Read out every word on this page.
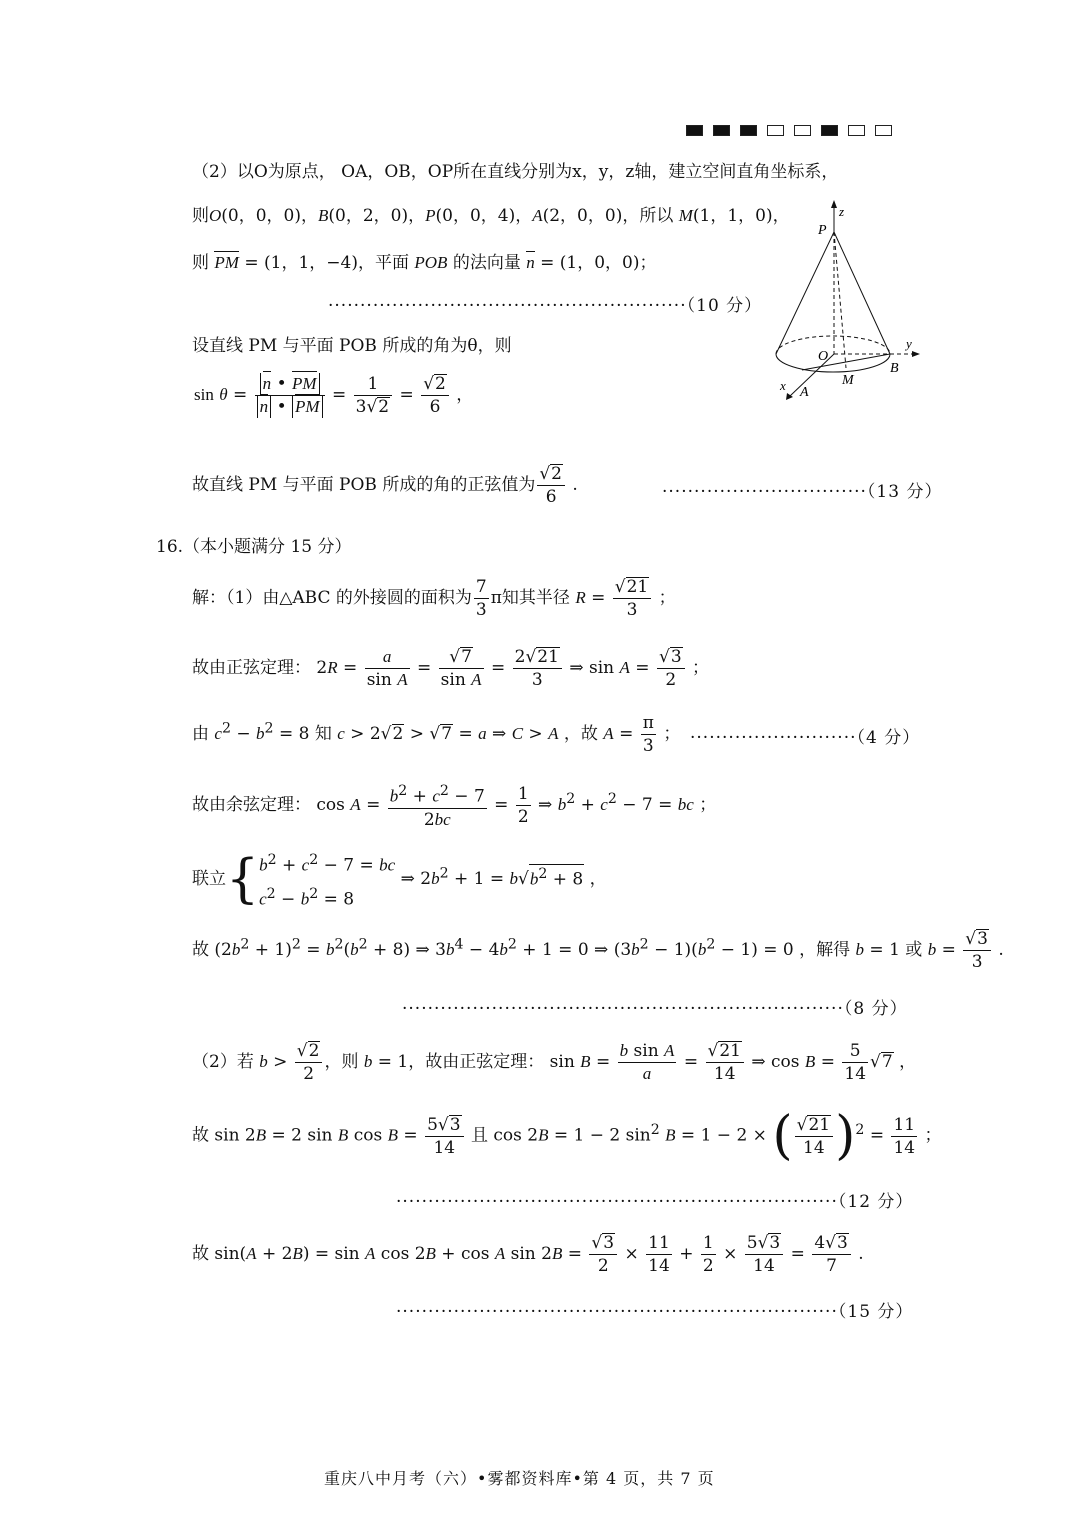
（2）以O为原点， OA，OB，OP所在直线分别为x，y，z轴，建立空间直角坐标系，
则O(0，0，0)，B(0，2，0)，P(0，0，4)，A(2，0，0)，所以 M(1，1，0)，
则 PM = (1，1，−4)，平面 POB 的法向量 n = (1，0，0)；
························································（10 分）
设直线 PM 与平面 POB 所成的角为θ，则
$\sin \theta = \frac{n • PM}{n • PM} = \frac{1}{3√2} = \frac{√2}{6}$ ，
故直线 PM 与平面 POB 所成的角的正弦值为 $\frac{√2}{6}$ .	································（13 分）
z
P
O
y
B
M
x A
16.（本小题满分 15 分）
解：（1）由△ABC 的外接圆的面积为 $\frac{7}{3}$ π知其半径 $R = \frac{√21}{3}$ ；
故由正弦定理： $2R = \frac{a}{\text{sin A}} = \frac{√7}{\text{sin A}} = \frac{2√21}{3}$ ⇒ $\sin A = \frac{√3}{2}$ ；
由 $c^2 - b^2 = 8$ 知 c > 2√2 > √7 = a ⇒ C > A ，故 $A = \frac{\pi}{3}$ ； ··························（4 分）
故由余弦定理： $\cos A = \frac{b^2 + c^2 - 7}{2bc} = \frac{1}{2}$ ⇒ $b^2 + c^2 - 7$ = bc ；
联立{$b^2 + c^2 - 7$ = bc
$c^2 - b^2 = 8$ ⇒ $2b^2 + 1 = b√b^2 + 8$ ，
故 $(2b^2 + 1)^2 = b^2(b^2 + 8)$ ⇒ $3b^4 - 4b^2 + 1 = 0$ ⇒ $(3b^2 - 1)(b^2 - 1) = 0$ ，解得 b = 1 或 $b = \frac{√3}{3}$ .
·····································································（8 分）
（2）若 $b > \frac{√2}{2}$ ，则 b = 1，故由正弦定理： $\sin B = \frac{\text{b sin A}}{a} = \frac{√21}{14}$ ⇒ $\cos B = \frac{5}{14} √7$ ，
故 sin 2B = 2 sin B $\cos B = \frac{5√3}{14}$ 且 cos 2B = 1 − 2 $\sin^2 B = 1 - 2$ × ( $\frac{√21}{14} )^2 = \frac{11}{14}$ ；
·····································································（12 分）
故 sin(A + 2B) = sin A cos 2B + cos A $\sin 2B = \frac{√3}{2} \times \frac{11}{14} + \frac{1}{2} \times \frac{5√3}{14} = \frac{4√3}{7}$ .
·····································································（15 分）
重庆八中月考（六）•雾都资料库•第 4 页，共 7 页
